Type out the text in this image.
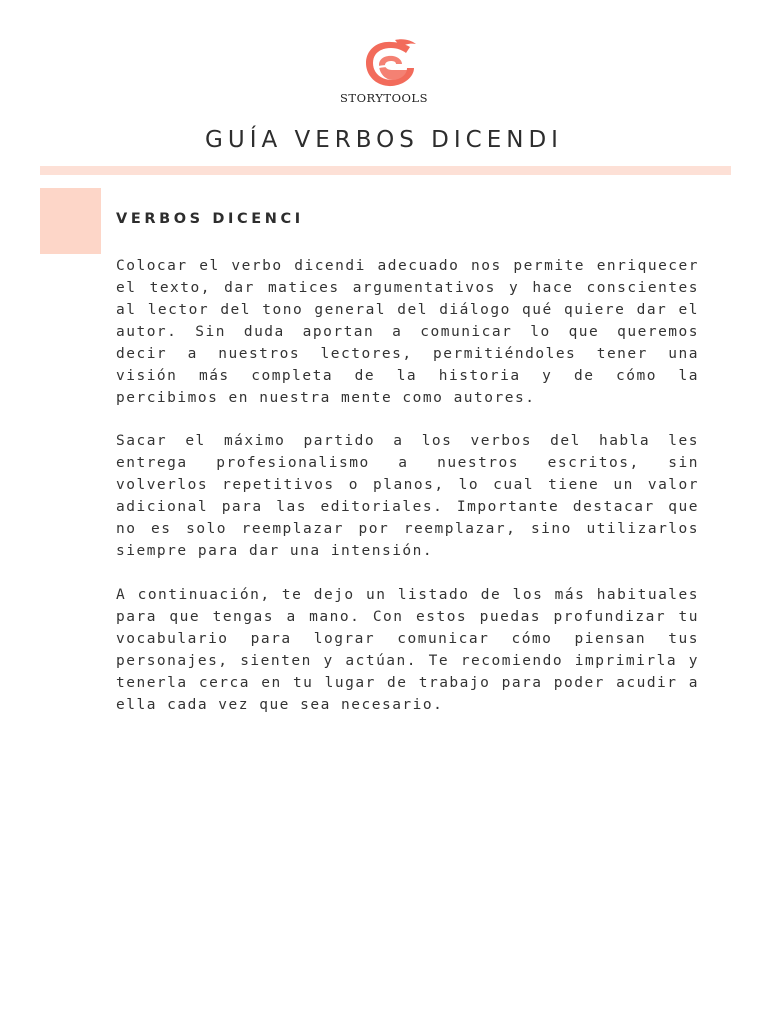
STORYTOOLS
GUÍA VERBOS DICENDI
VERBOS DICENCI

Colocar el verbo dicendi adecuado nos permite enriquecer el texto, dar matices argumentativos y hace conscientes al lector del tono general del diálogo qué quiere dar el autor. Sin duda aportan a comunicar lo que queremos decir a nuestros lectores, permitiéndoles tener una visión más completa de la historia y de cómo la percibimos en nuestra mente como autores.

Sacar el máximo partido a los verbos del habla les entrega profesionalismo a nuestros escritos, sin volverlos repetitivos o planos, lo cual tiene un valor adicional para las editoriales. Importante destacar que no es solo reemplazar por reemplazar, sino utilizarlos siempre para dar una intensión.

A continuación, te dejo un listado de los más habituales para que tengas a mano. Con estos puedas profundizar tu vocabulario para lograr comunicar cómo piensan tus personajes, sienten y actúan. Te recomiendo imprimirla y tenerla cerca en tu lugar de trabajo para poder acudir a ella cada vez que sea necesario.
